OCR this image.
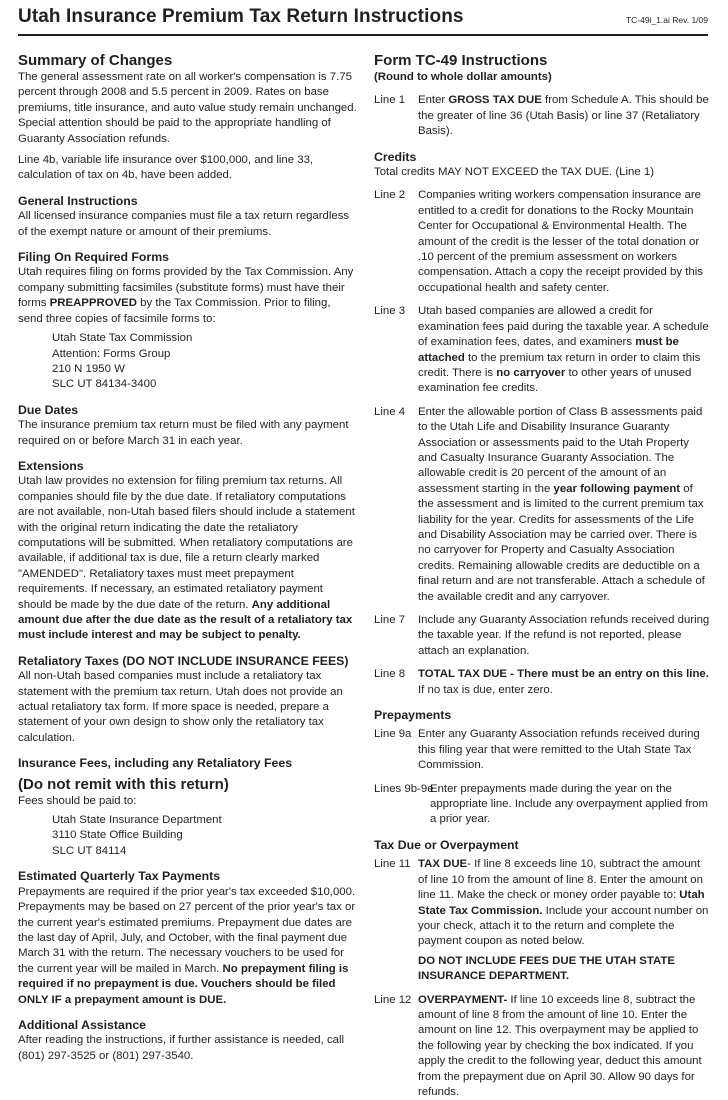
Utah Insurance Premium Tax Return Instructions	TC-49i_1.ai Rev. 1/09
Summary of Changes

The general assessment rate on all worker's compensation is 7.75 percent through 2008 and 5.5 percent in 2009. Rates on base premiums, title insurance, and auto value study remain unchanged. Special attention should be paid to the appropriate handling of Guaranty Association refunds.

Line 4b, variable life insurance over $100,000, and line 33, calculation of tax on 4b, have been added.

General Instructions

All licensed insurance companies must file a tax return regardless of the exempt nature or amount of their premiums.

Filing On Required Forms

Utah requires filing on forms provided by the Tax Commission. Any company submitting facsimiles (substitute forms) must have their forms PREAPPROVED by the Tax Commission. Prior to filing, send three copies of facsimile forms to:

Utah State Tax Commission
Attention: Forms Group
210 N 1950 W
SLC UT 84134-3400
Due Dates

The insurance premium tax return must be filed with any payment required on or before March 31 in each year.

Extensions

Utah law provides no extension for filing premium tax returns. All companies should file by the due date. If retaliatory computations are not available, non-Utah based filers should include a statement with the original return indicating the date the retaliatory computations will be submitted. When retaliatory computations are available, if additional tax is due, file a return clearly marked "AMENDED". Retaliatory taxes must meet prepayment requirements. If necessary, an estimated retaliatory payment should be made by the due date of the return. Any additional amount due after the due date as the result of a retaliatory tax must include interest and may be subject to penalty.

Retaliatory Taxes (DO NOT INCLUDE INSURANCE FEES)

All non-Utah based companies must include a retaliatory tax statement with the premium tax return. Utah does not provide an actual retaliatory tax form. If more space is needed, prepare a statement of your own design to show only the retaliatory tax calculation.

Insurance Fees, including any Retaliatory Fees
(Do not remit with this return)

Fees should be paid to:

Utah State Insurance Department
3110 State Office Building
SLC UT 84114
Estimated Quarterly Tax Payments

Prepayments are required if the prior year's tax exceeded $10,000. Prepayments may be based on 27 percent of the prior year's tax or the current year's estimated premiums. Prepayment due dates are the last day of April, July, and October, with the final payment due March 31 with the return. The necessary vouchers to be used for the current year will be mailed in March. No prepayment filing is required if no prepayment is due. Vouchers should be filed ONLY IF a prepayment amount is DUE.

Additional Assistance

After reading the instructions, if further assistance is needed, call (801) 297-3525 or (801) 297-3540.

Form TC-49 Instructions
(Round to whole dollar amounts)
Line 1 Enter GROSS TAX DUE from Schedule A. This should be the greater of line 36 (Utah Basis) or line 37 (Retaliatory Basis).
Credits

Total credits MAY NOT EXCEED the TAX DUE. (Line 1)

Line 2 Companies writing workers compensation insurance are entitled to a credit for donations to the Rocky Mountain Center for Occupational & Environmental Health. The amount of the credit is the lesser of the total donation or .10 percent of the premium assessment on workers compensation. Attach a copy the receipt provided by this occupational health and safety center.
Line 3 Utah based companies are allowed a credit for examination fees paid during the taxable year. A schedule of examination fees, dates, and examiners must be attached to the premium tax return in order to claim this credit. There is no carryover to other years of unused examination fee credits.
Line 4 Enter the allowable portion of Class B assessments paid to the Utah Life and Disability Insurance Guaranty Association or assessments paid to the Utah Property and Casualty Insurance Guaranty Association. The allowable credit is 20 percent of the amount of an assessment starting in the year following payment of the assessment and is limited to the current premium tax liability for the year. Credits for assessments of the Life and Disability Association may be carried over. There is no carryover for Property and Casualty Association credits. Remaining allowable credits are deductible on a final return and are not transferable. Attach a schedule of the available credit and any carryover.
Line 7 Include any Guaranty Association refunds received during the taxable year. If the refund is not reported, please attach an explanation.
Line 8 TOTAL TAX DUE - There must be an entry on this line. If no tax is due, enter zero.
Prepayments
Line 9a Enter any Guaranty Association refunds received during this filing year that were remitted to the Utah State Tax Commission.
Lines 9b-9e
Enter prepayments made during the year on the appropriate line. Include any overpayment applied from a prior year.
Tax Due or Overpayment
Line 11 TAX DUE- If line 8 exceeds line 10, subtract the amount of line 10 from the amount of line 8. Enter the amount on line 11. Make the check or money order payable to: Utah State Tax Commission. Include your account number on your check, attach it to the return and complete the payment coupon as noted below.
DO NOT INCLUDE FEES DUE THE UTAH STATE INSURANCE DEPARTMENT.
Line 12 OVERPAYMENT- If line 10 exceeds line 8, subtract the amount of line 8 from the amount of line 10. Enter the amount on line 12. This overpayment may be applied to the following year by checking the box indicated. If you apply the credit to the following year, deduct this amount from the prepayment due on April 30. Allow 90 days for refunds.
